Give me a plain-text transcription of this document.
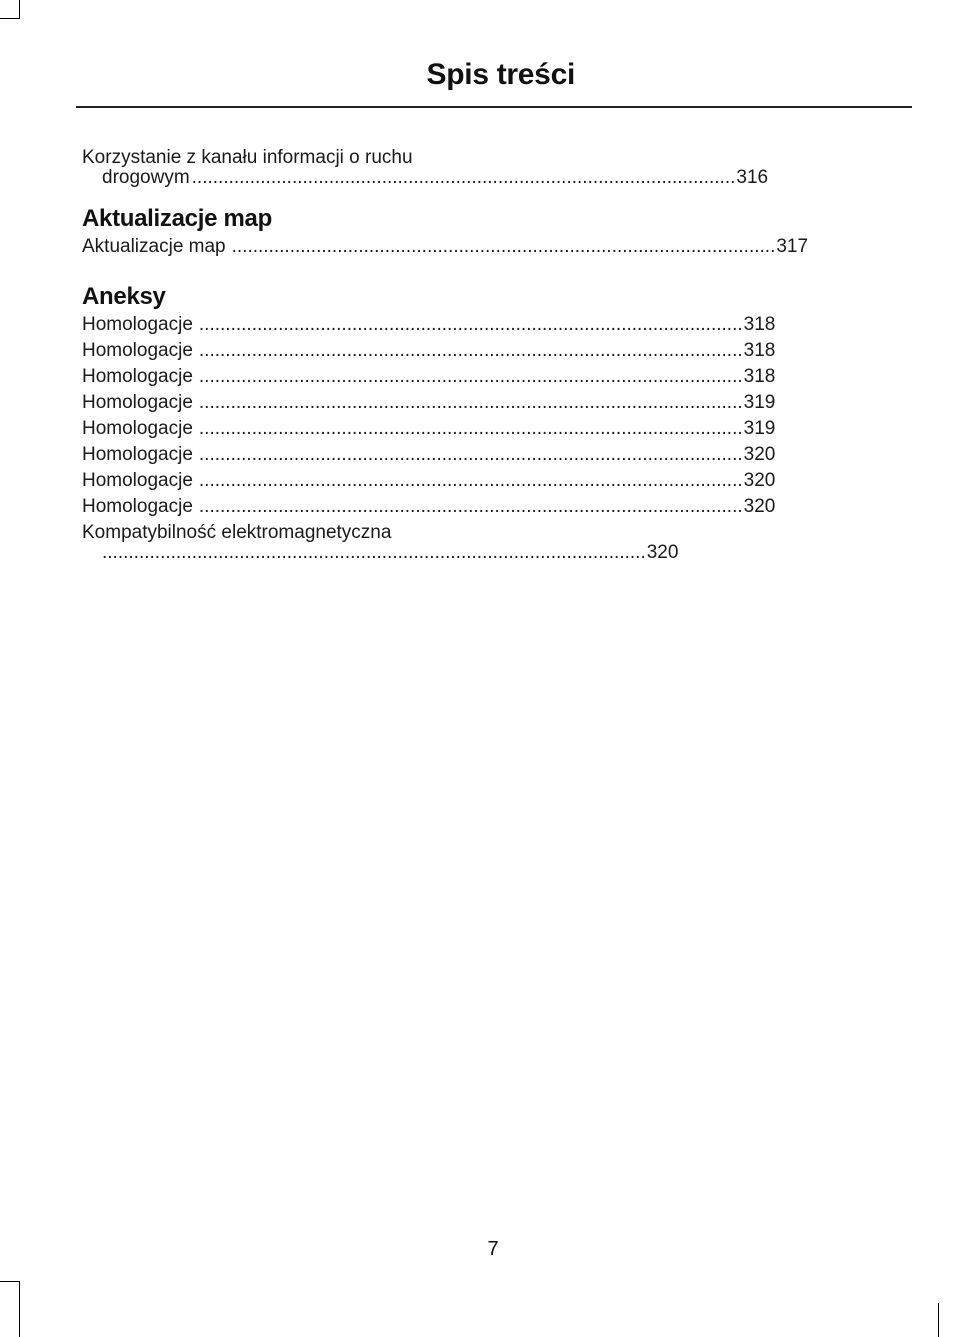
Spis treści
Korzystanie z kanału informacji o ruchu
drogowym ....................................................................................................... 316
Aktualizacje map
Aktualizacje map ....................................................................................................... 317
Aneksy
Homologacje ....................................................................................................... 318
Homologacje ....................................................................................................... 318
Homologacje ....................................................................................................... 318
Homologacje ....................................................................................................... 319
Homologacje ....................................................................................................... 319
Homologacje ....................................................................................................... 320
Homologacje ....................................................................................................... 320
Homologacje ....................................................................................................... 320
Kompatybilność elektromagnetyczna
....................................................................................................... 320
7
